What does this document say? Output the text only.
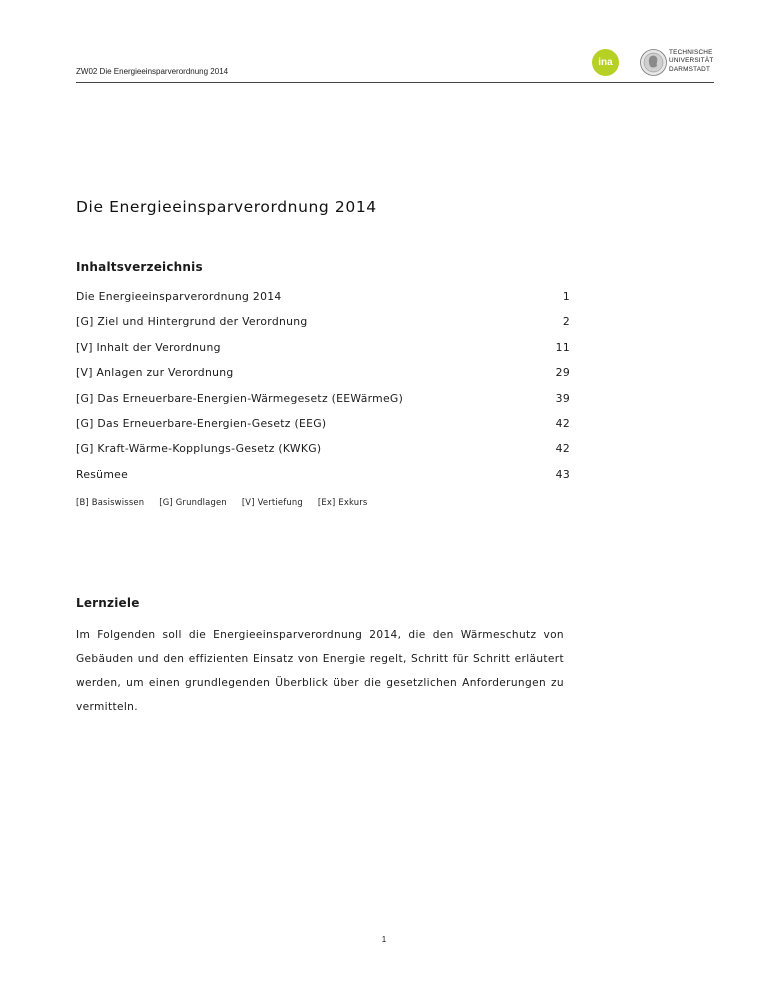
ZW02 Die Energieeinsparverordnung 2014
ina
TECHNISCHE
UNIVERSITÄT
DARMSTADT
Die Energieeinsparverordnung 2014
Inhaltsverzeichnis
Die Energieeinsparverordnung 2014	1
[G] Ziel und Hintergrund der Verordnung	2
[V] Inhalt der Verordnung	11
[V] Anlagen zur Verordnung	29
[G] Das Erneuerbare-Energien-Wärmegesetz (EEWärmeG)	39
[G] Das Erneuerbare-Energien-Gesetz (EEG)	42
[G] Kraft-Wärme-Kopplungs-Gesetz (KWKG)	42
Resümee	43
[B] Basiswissen [G] Grundlagen [V] Vertiefung [Ex] Exkurs
Lernziele

Im Folgenden soll die Energieeinsparverordnung 2014, die den Wärmeschutz von Gebäuden und den effizienten Einsatz von Energie regelt, Schritt für Schritt erläutert werden, um einen grundlegenden Überblick über die gesetzlichen Anforderungen zu vermitteln.

1
